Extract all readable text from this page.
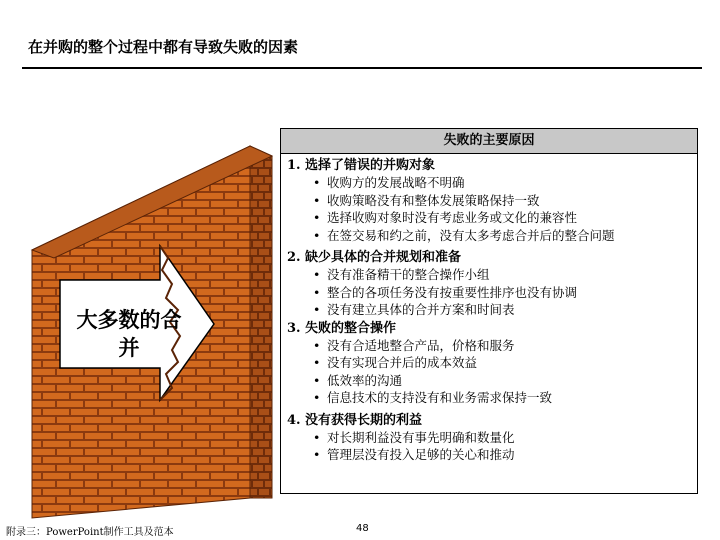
在并购的整个过程中都有导致失败的因素
大多数的合并
失败的主要原因
1. 选择了错误的并购对象
• 收购方的发展战略不明确
• 收购策略没有和整体发展策略保持一致
• 选择收购对象时没有考虑业务或文化的兼容性
• 在签交易和约之前，没有太多考虑合并后的整合问题
2. 缺少具体的合并规划和准备
• 没有准备精干的整合操作小组
• 整合的各项任务没有按重要性排序也没有协调
• 没有建立具体的合并方案和时间表
3. 失败的整合操作
• 没有合适地整合产品，价格和服务
• 没有实现合并后的成本效益
• 低效率的沟通
• 信息技术的支持没有和业务需求保持一致
4. 没有获得长期的利益
• 对长期利益没有事先明确和数量化
• 管理层没有投入足够的关心和推动
附录三：PowerPoint制作工具及范本	48
